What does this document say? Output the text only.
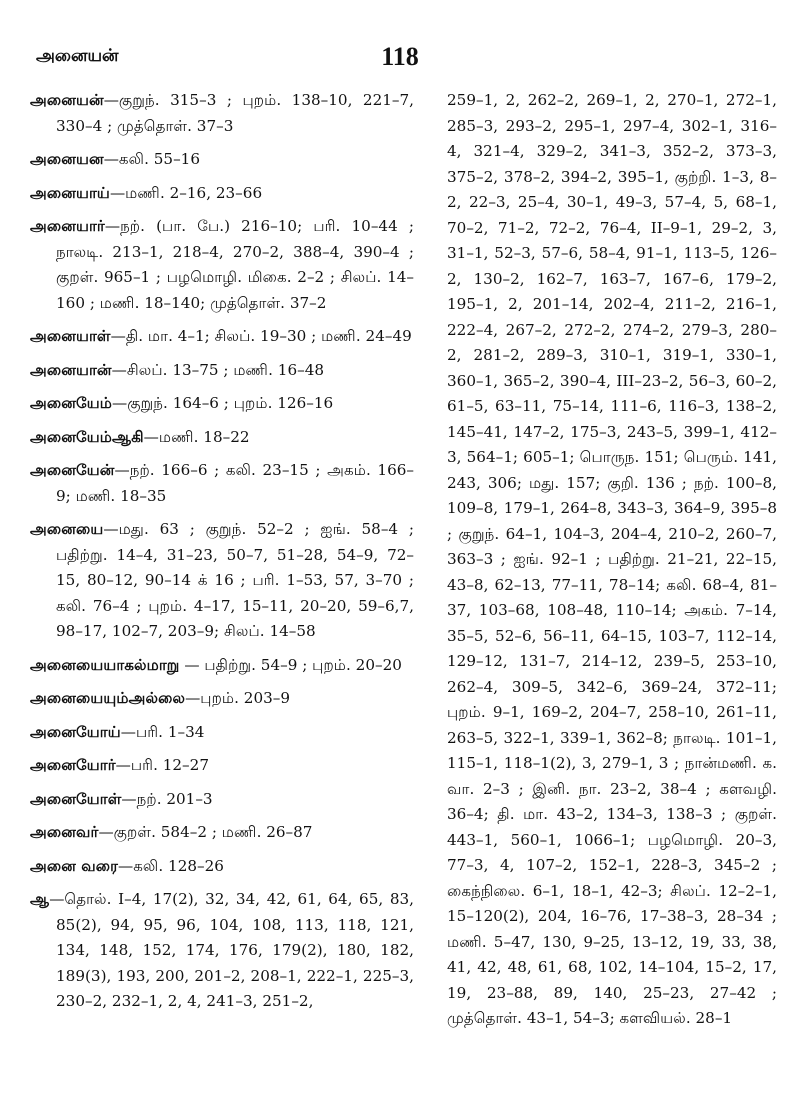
அனையன்	118

அனையன்—குறுந். 315–3 ; புறம். 138–10, 221–7, 330–4 ; முத்தொள். 37–3

அனையன—கலி. 55–16

அனையாய்—மணி. 2–16, 23–66

அனையார்—நற். (பா. பே.) 216–10; பரி. 10–44 ; நாலடி. 213–1, 218–4, 270–2, 388–4, 390–4 ; குறள். 965–1 ; பழமொழி. மிகை. 2–2 ; சிலப். 14–160 ; மணி. 18–140; முத்தொள். 37–2

அனையாள்—தி. மா. 4–1; சிலப். 19–30 ; மணி. 24–49

அனையான்—சிலப். 13–75 ; மணி. 16–48

அனையேம்—குறுந். 164–6 ; புறம். 126–16

அனையேம்ஆகி—மணி. 18–22

அனையேன்—நற். 166–6 ; கலி. 23–15 ; அகம். 166–9; மணி. 18–35

அனையை—மது. 63 ; குறுந். 52–2 ; ஐங். 58–4 ; பதிற்று. 14–4, 31–23, 50–7, 51–28, 54–9, 72–15, 80–12, 90–14 க் 16 ; பரி. 1–53, 57, 3–70 ; கலி. 76–4 ; புறம். 4–17, 15–11, 20–20, 59–6,7, 98–17, 102–7, 203–9; சிலப். 14–58

அனையையாகல்மாறு — பதிற்று. 54–9 ; புறம். 20–20

அனையையும்அல்லை—புறம். 203–9

அனையோய்—பரி. 1–34

அனையோர்—பரி. 12–27

அனையோள்—நற். 201–3

அனைவர்—குறள். 584–2 ; மணி. 26–87

அனை வரை—கலி. 128–26

ஆ—தொல். I–4, 17(2), 32, 34, 42, 61, 64, 65, 83, 85(2), 94, 95, 96, 104, 108, 113, 118, 121, 134, 148, 152, 174, 176, 179(2), 180, 182, 189(3), 193, 200, 201–2, 208–1, 222–1, 225–3, 230–2, 232–1, 2, 4, 241–3, 251–2,

259–1, 2, 262–2, 269–1, 2, 270–1, 272–1, 285–3, 293–2, 295–1, 297–4, 302–1, 316–4, 321–4, 329–2, 341–3, 352–2, 373–3, 375–2, 378–2, 394–2, 395–1, குற்றி. 1–3, 8–2, 22–3, 25–4, 30–1, 49–3, 57–4, 5, 68–1, 70–2, 71–2, 72–2, 76–4, II–9–1, 29–2, 3, 31–1, 52–3, 57–6, 58–4, 91–1, 113–5, 126–2, 130–2, 162–7, 163–7, 167–6, 179–2, 195–1, 2, 201–14, 202–4, 211–2, 216–1, 222–4, 267–2, 272–2, 274–2, 279–3, 280–2, 281–2, 289–3, 310–1, 319–1, 330–1, 360–1, 365–2, 390–4, III–23–2, 56–3, 60–2, 61–5, 63–11, 75–14, 111–6, 116–3, 138–2, 145–41, 147–2, 175–3, 243–5, 399–1, 412–3, 564–1; 605–1; பொருந. 151; பெரும். 141, 243, 306; மது. 157; குறி. 136 ; நற். 100–8, 109–8, 179–1, 264–8, 343–3, 364–9, 395–8 ; குறுந். 64–1, 104–3, 204–4, 210–2, 260–7, 363–3 ; ஐங். 92–1 ; பதிற்று. 21–21, 22–15, 43–8, 62–13, 77–11, 78–14; கலி. 68–4, 81–37, 103–68, 108–48, 110–14; அகம். 7–14, 35–5, 52–6, 56–11, 64–15, 103–7, 112–14, 129–12, 131–7, 214–12, 239–5, 253–10, 262–4, 309–5, 342–6, 369–24, 372–11; புறம். 9–1, 169–2, 204–7, 258–10, 261–11, 263–5, 322–1, 339–1, 362–8; நாலடி. 101–1, 115–1, 118–1(2), 3, 279–1, 3 ; நான்மணி. க. வா. 2–3 ; இனி. நா. 23–2, 38–4 ; களவழி. 36–4; தி. மா. 43–2, 134–3, 138–3 ; குறள். 443–1, 560–1, 1066–1; பழமொழி. 20–3, 77–3, 4, 107–2, 152–1, 228–3, 345–2 ; கைந்நிலை. 6–1, 18–1, 42–3; சிலப். 12–2–1, 15–120(2), 204, 16–76, 17–38–3, 28–34 ; மணி. 5–47, 130, 9–25, 13–12, 19, 33, 38, 41, 42, 48, 61, 68, 102, 14–104, 15–2, 17, 19, 23–88, 89, 140, 25–23, 27–42 ; முத்தொள். 43–1, 54–3; களவியல். 28–1
